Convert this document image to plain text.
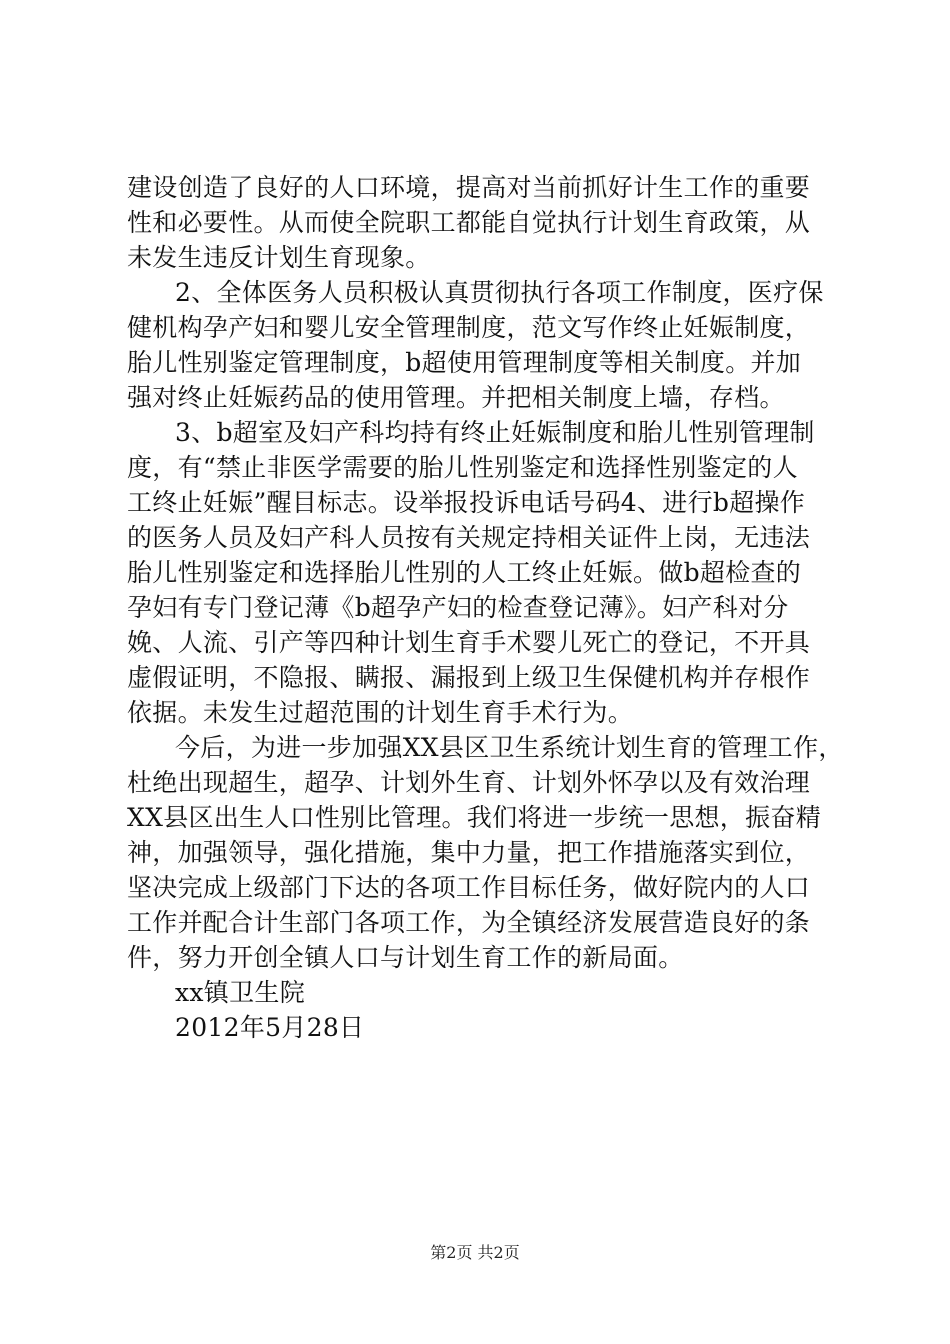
建设创造了良好的人口环境，提高对当前抓好计生工作的重要
性和必要性。从而使全院职工都能自觉执行计划生育政策，从
未发生违反计划生育现象。
2、全体医务人员积极认真贯彻执行各项工作制度，医疗保
健机构孕产妇和婴儿安全管理制度，范文写作终止妊娠制度，
胎儿性别鉴定管理制度，b超使用管理制度等相关制度。并加
强对终止妊娠药品的使用管理。并把相关制度上墙，存档。
3、b超室及妇产科均持有终止妊娠制度和胎儿性别管理制
度，有“禁止非医学需要的胎儿性别鉴定和选择性别鉴定的人
工终止妊娠”醒目标志。设举报投诉电话号码4、进行b超操作
的医务人员及妇产科人员按有关规定持相关证件上岗，无违法
胎儿性别鉴定和选择胎儿性别的人工终止妊娠。做b超检查的
孕妇有专门登记薄《b超孕产妇的检查登记薄》。妇产科对分
娩、人流、引产等四种计划生育手术婴儿死亡的登记，不开具
虚假证明，不隐报、瞒报、漏报到上级卫生保健机构并存根作
依据。未发生过超范围的计划生育手术行为。
今后，为进一步加强XX县区卫生系统计划生育的管理工作，
杜绝出现超生，超孕、计划外生育、计划外怀孕以及有效治理
XX县区出生人口性别比管理。我们将进一步统一思想，振奋精
神，加强领导，强化措施，集中力量，把工作措施落实到位，
坚决完成上级部门下达的各项工作目标任务，做好院内的人口
工作并配合计生部门各项工作，为全镇经济发展营造良好的条
件，努力开创全镇人口与计划生育工作的新局面。
xx镇卫生院
2012年5月28日
第2页 共2页
